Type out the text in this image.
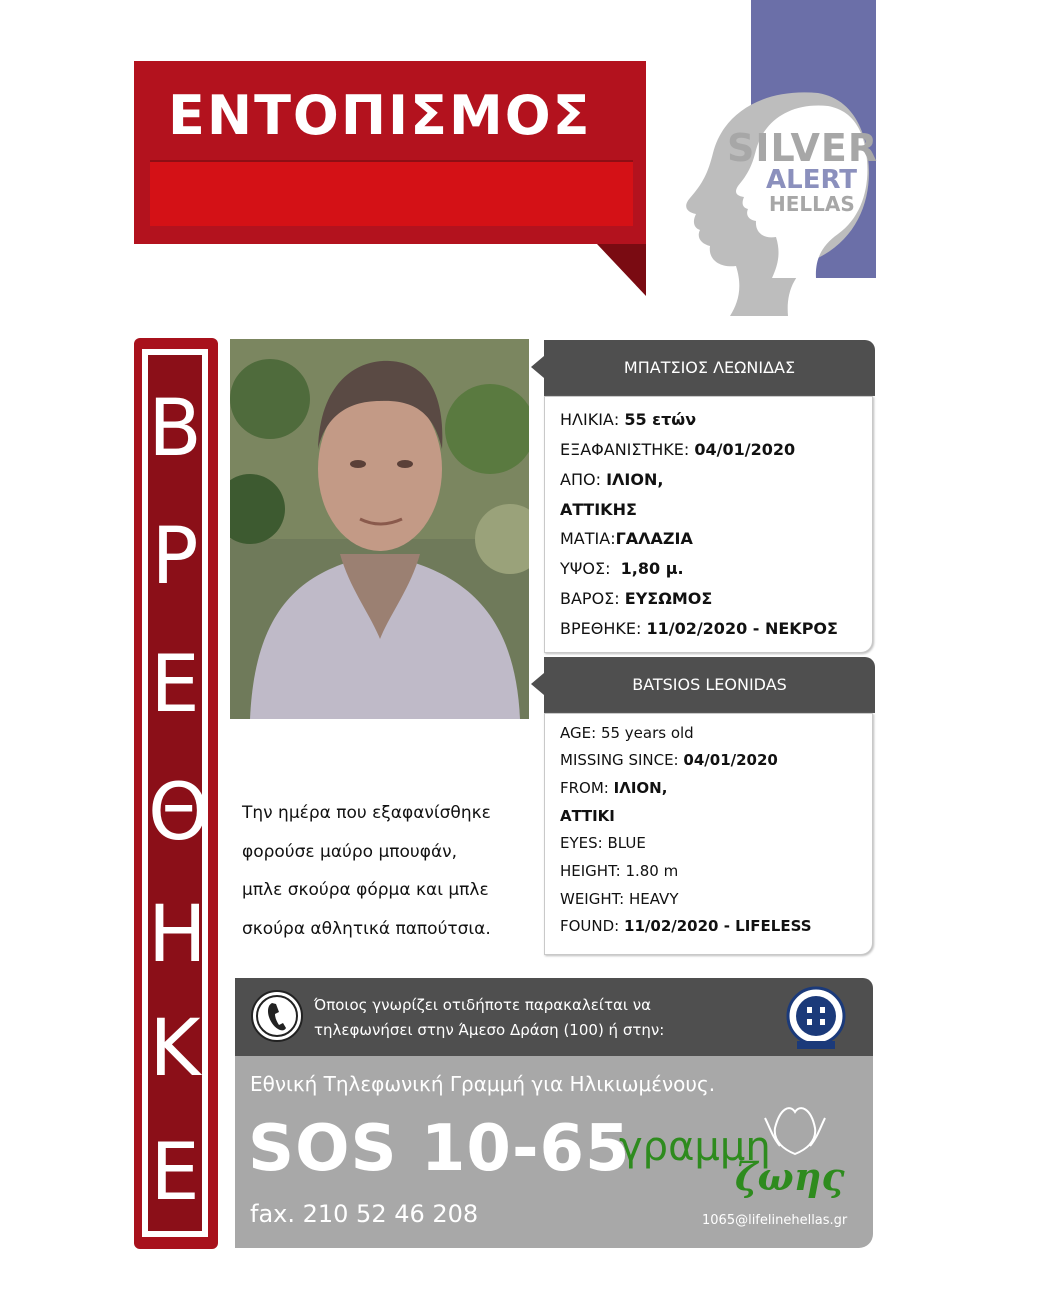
ΕΝΤΟΠΙΣΜΟΣ
SILVER
ALERT
HELLAS
Β
Ρ
Ε
Θ
Η
Κ
Ε
ΜΠΑΤΣΙΟΣ ΛΕΩΝΙΔΑΣ
ΗΛΙΚΙΑ: 55 ετών
ΕΞΑΦΑΝΙΣΤΗΚΕ: 04/01/2020
ΑΠΟ: ΙΛΙΟΝ,
ΑΤΤΙΚΗΣ
ΜΑΤΙΑ:ΓΑΛΑΖΙΑ
ΥΨΟΣ: 1,80 μ.
ΒΑΡΟΣ: ΕΥΣΩΜΟΣ
ΒΡΕΘΗΚΕ: 11/02/2020 - ΝΕΚΡΟΣ
BATSIOS LEONIDAS
AGE: 55 years old
MISSING SINCE: 04/01/2020
FROM: ΙΛΙΟΝ,
ΑΤΤΙΚΙ
EYES: BLUE
HEIGHT: 1.80 m
WEIGHT: HEAVY
FOUND: 11/02/2020 - LIFELESS
Την ημέρα που εξαφανίσθηκε
φορούσε μαύρο μπουφάν,
μπλε σκούρα φόρμα και μπλε
σκούρα αθλητικά παπούτσια.
Όποιος γνωρίζει οτιδήποτε παρακαλείται να
τηλεφωνήσει στην Άμεσο Δράση (100) ή στην:
Εθνική Τηλεφωνική Γραμμή για Ηλικιωμένους.
SOS 10-65
fax. 210 52 46 208
γραμμη
ζωης
1065@lifelinehellas.gr
